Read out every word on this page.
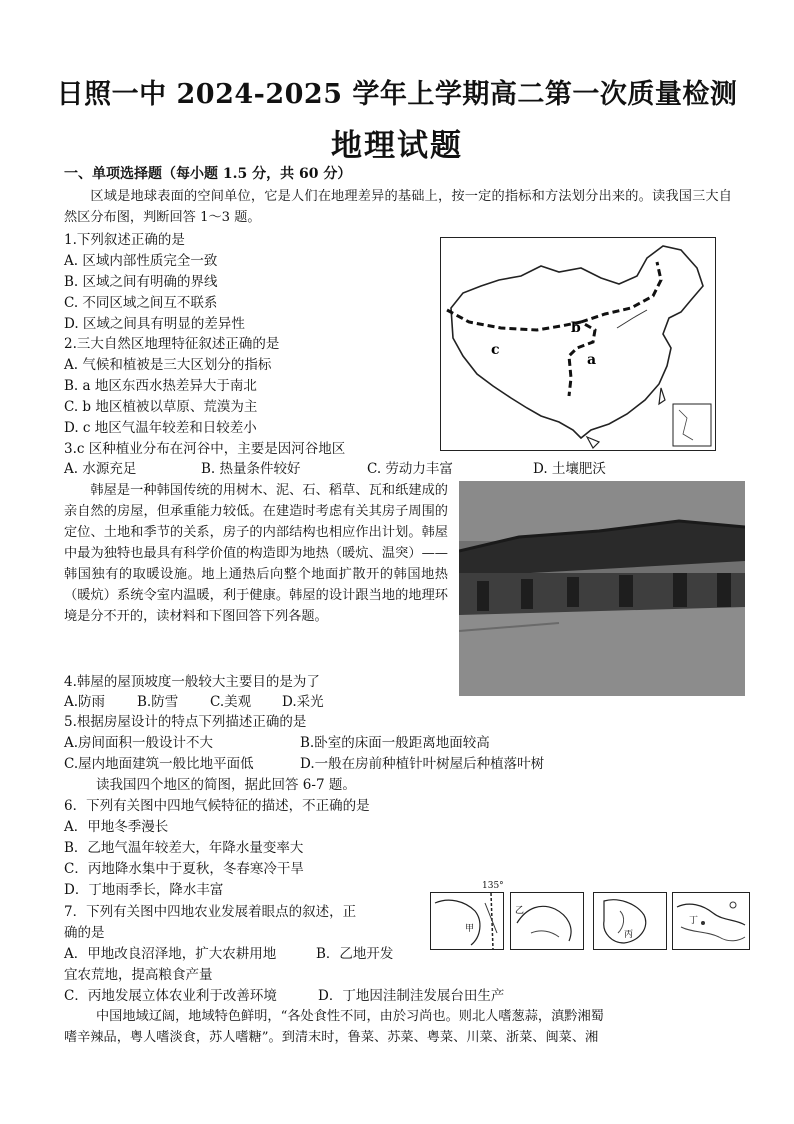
日照一中 2024-2025 学年上学期高二第一次质量检测
地理试题
一、单项选择题（每小题 1.5 分，共 60 分）
区域是地球表面的空间单位，它是人们在地理差异的基础上，按一定的指标和方法划分出来的。读我国三大自然区分布图，判断回答 1～3 题。
1.下列叙述正确的是
A. 区域内部性质完全一致
B. 区域之间有明确的界线
C. 不同区域之间互不联系
D. 区域之间具有明显的差异性
2.三大自然区地理特征叙述正确的是
A. 气候和植被是三大区划分的指标
B. a 地区东西水热差异大于南北
C. b 地区植被以草原、荒漠为主
D. c 地区气温年较差和日较差小
3.c 区种植业分布在河谷中，主要是因河谷地区
A. 水源充足	B. 热量条件较好	C. 劳动力丰富	D. 土壤肥沃
b
a
c
韩屋是一种韩国传统的用树木、泥、石、稻草、瓦和纸建成的亲自然的房屋，但承重能力较低。在建造时考虑有关其房子周围的定位、土地和季节的关系，房子的内部结构也相应作出计划。韩屋中最为独特也最具有科学价值的构造即为地热（暖炕、温突）——韩国独有的取暖设施。地上通热后向整个地面扩散开的韩国地热（暖炕）系统令室内温暖，利于健康。韩屋的设计跟当地的地理环境是分不开的，读材料和下图回答下列各题。
4.韩屋的屋顶坡度一般较大主要目的是为了
A.防雨 B.防雪 C.美观 D.采光
5.根据房屋设计的特点下列描述正确的是
A.房间面积一般设计不大	B.卧室的床面一般距离地面较高
C.屋内地面建筑一般比地平面低	D.一般在房前种植针叶树屋后种植落叶树
读我国四个地区的简图，据此回答 6-7 题。
6．下列有关图中四地气候特征的描述，不正确的是
A．甲地冬季漫长
B．乙地气温年较差大，年降水量变率大
C．丙地降水集中于夏秋，冬春寒冷干旱
D．丁地雨季长，降水丰富
7．下列有关图中四地农业发展着眼点的叙述，正
确的是
A．甲地改良沼泽地，扩大农耕用地	B．乙地开发
宜农荒地，提高粮食产量
C．丙地发展立体农业利于改善环境	D．丁地因洼制洼发展台田生产
甲
135°
乙
丙
丁
中国地域辽阔，地域特色鲜明，“各处食性不同，由於习尚也。则北人嗜葱蒜，滇黔湘蜀
嗜辛辣品，粤人嗜淡食，苏人嗜糖”。到清末时，鲁菜、苏菜、粤菜、川菜、浙菜、闽菜、湘
